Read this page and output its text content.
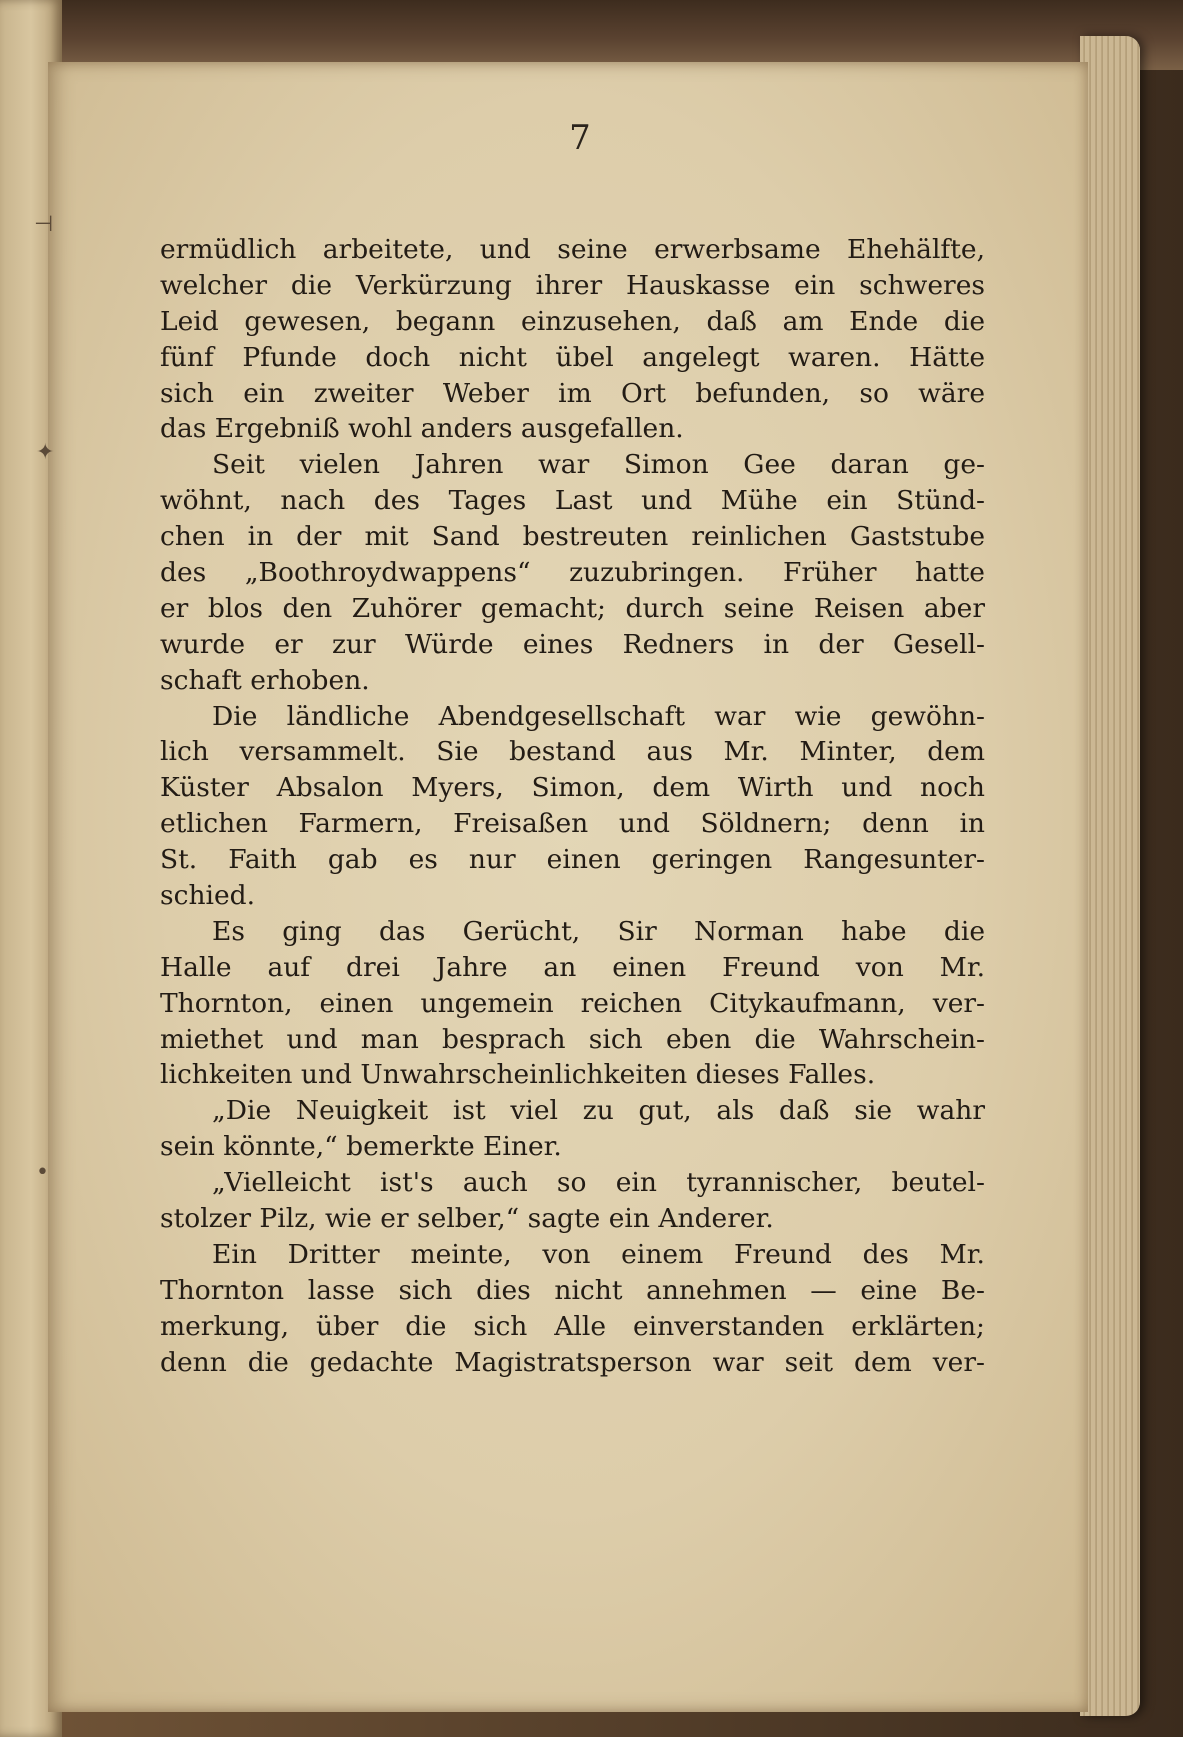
⊣
✦
•
7
ermüdlich arbeitete, und seine erwerbsame Ehehälfte,
welcher die Verkürzung ihrer Hauskasse ein schweres
Leid gewesen, begann einzusehen, daß am Ende die
fünf Pfunde doch nicht übel angelegt waren. Hätte
sich ein zweiter Weber im Ort befunden, so wäre
das Ergebniß wohl anders ausgefallen.
Seit vielen Jahren war Simon Gee daran ge-
wöhnt, nach des Tages Last und Mühe ein Stünd-
chen in der mit Sand bestreuten reinlichen Gaststube
des „Boothroydwappens“ zuzubringen. Früher hatte
er blos den Zuhörer gemacht; durch seine Reisen aber
wurde er zur Würde eines Redners in der Gesell-
schaft erhoben.
Die ländliche Abendgesellschaft war wie gewöhn-
lich versammelt. Sie bestand aus Mr. Minter, dem
Küster Absalon Myers, Simon, dem Wirth und noch
etlichen Farmern, Freisaßen und Söldnern; denn in
St. Faith gab es nur einen geringen Rangesunter-
schied.
Es ging das Gerücht, Sir Norman habe die
Halle auf drei Jahre an einen Freund von Mr.
Thornton, einen ungemein reichen Citykaufmann, ver-
miethet und man besprach sich eben die Wahrschein-
lichkeiten und Unwahrscheinlichkeiten dieses Falles.
„Die Neuigkeit ist viel zu gut, als daß sie wahr
sein könnte,“ bemerkte Einer.
„Vielleicht ist's auch so ein tyrannischer, beutel-
stolzer Pilz, wie er selber,“ sagte ein Anderer.
Ein Dritter meinte, von einem Freund des Mr.
Thornton lasse sich dies nicht annehmen — eine Be-
merkung, über die sich Alle einverstanden erklärten;
denn die gedachte Magistratsperson war seit dem ver-
